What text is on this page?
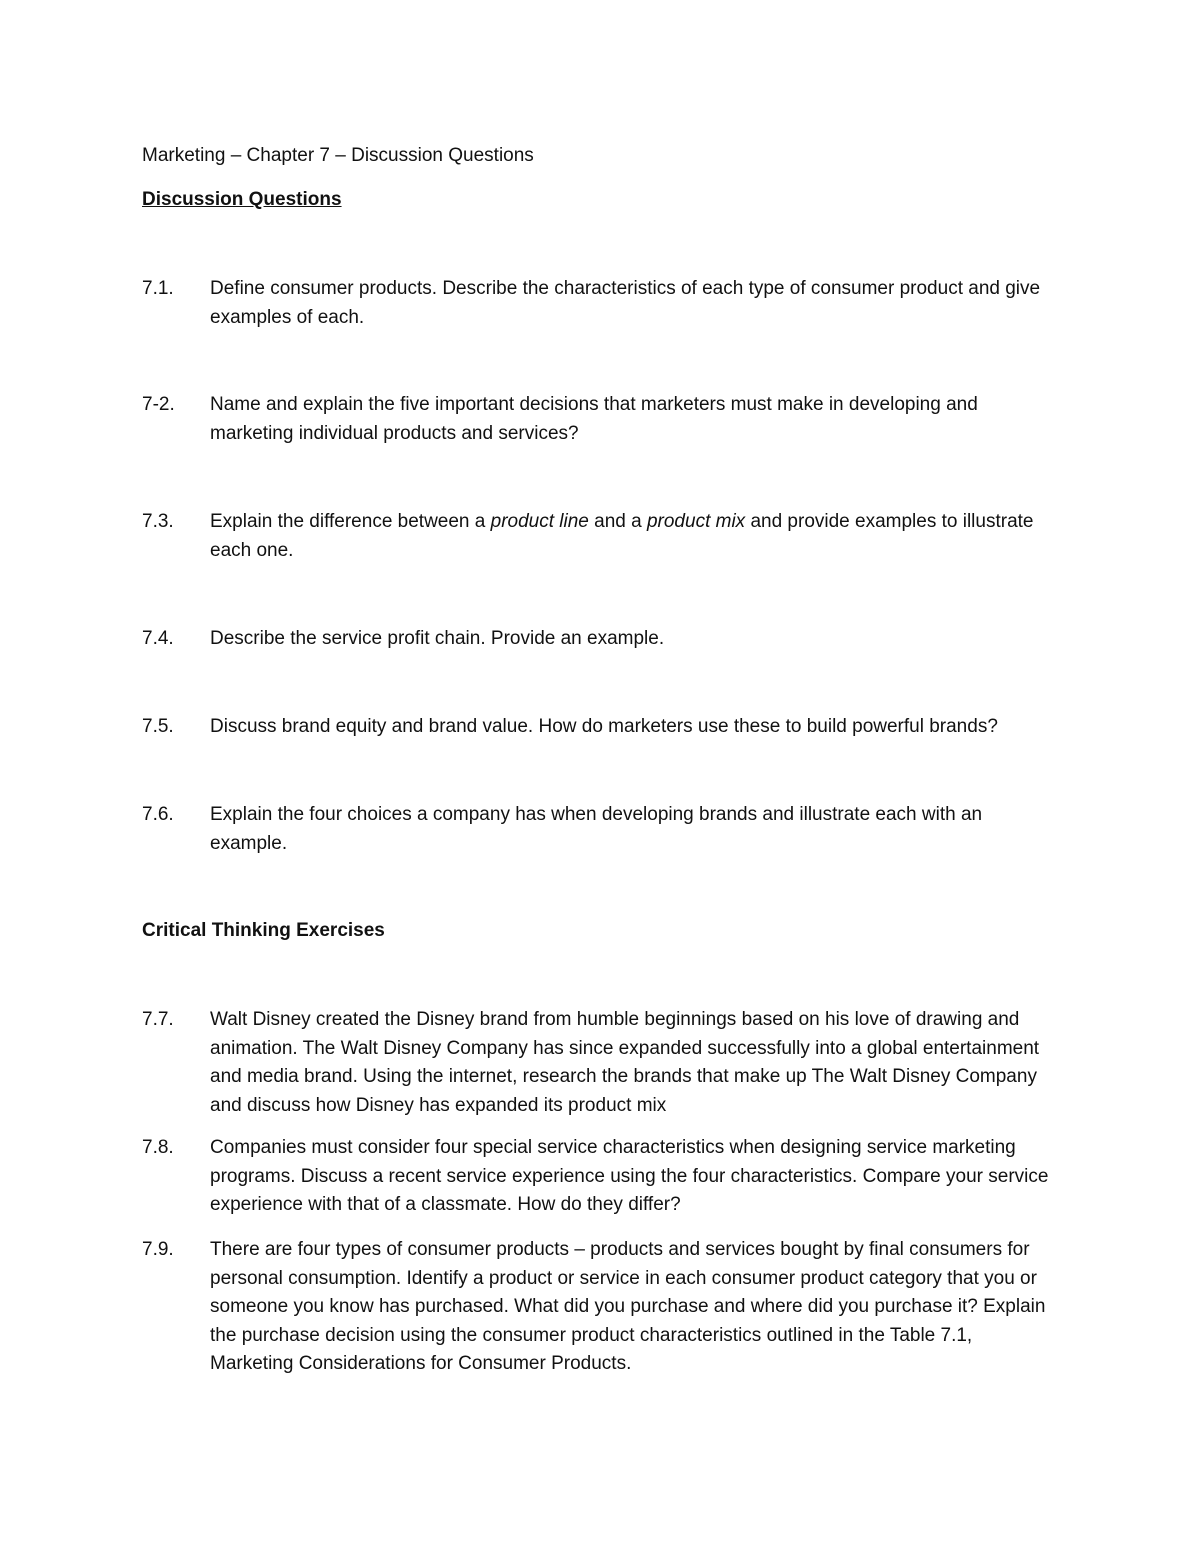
Marketing – Chapter 7 – Discussion Questions

Discussion Questions
7.1.	Define consumer products. Describe the characteristics of each type of consumer product and give examples of each.
7-2.	Name and explain the five important decisions that marketers must make in developing and marketing individual products and services?
7.3.	Explain the difference between a product line and a product mix and provide examples to illustrate each one.
7.4.	Describe the service profit chain. Provide an example.
7.5.	Discuss brand equity and brand value. How do marketers use these to build powerful brands?
7.6.	Explain the four choices a company has when developing brands and illustrate each with an example.
Critical Thinking Exercises
7.7.	Walt Disney created the Disney brand from humble beginnings based on his love of drawing and animation. The Walt Disney Company has since expanded successfully into a global entertainment and media brand. Using the internet, research the brands that make up The Walt Disney Company and discuss how Disney has expanded its product mix
7.8.	Companies must consider four special service characteristics when designing service marketing programs. Discuss a recent service experience using the four characteristics. Compare your service experience with that of a classmate. How do they differ?
7.9.	There are four types of consumer products – products and services bought by final consumers for personal consumption. Identify a product or service in each consumer product category that you or someone you know has purchased. What did you purchase and where did you purchase it? Explain the purchase decision using the consumer product characteristics outlined in the Table 7.1, Marketing Considerations for Consumer Products.
